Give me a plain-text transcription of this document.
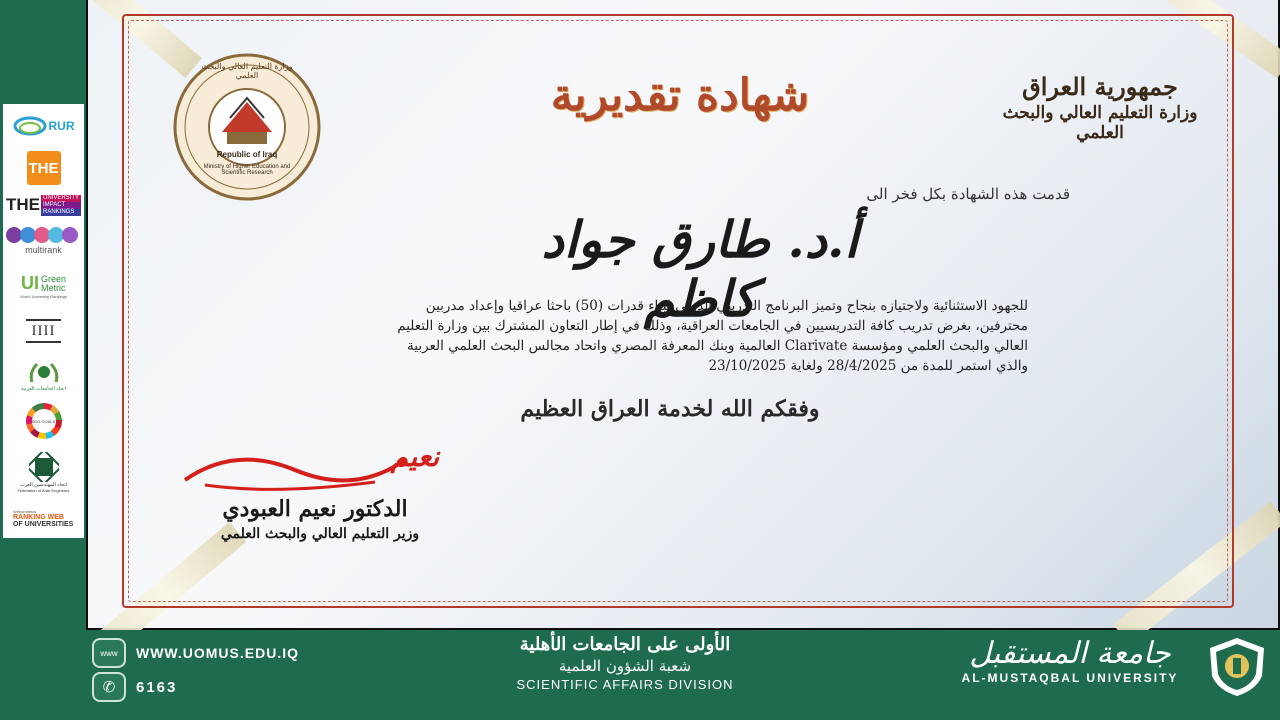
RUR
THE
THE UNIVERSITY
IMPACT
RANKINGS
multirank
UI Green
Metric
World University Rankings
IIII
اتحاد الجامعات العربية
SDG GOALS
اتحاد المهندسين العرب
Federation of Arab Engineers
Webometrics
RANKING WEB
OF UNIVERSITIES
جمهورية العراق
وزارة التعليم العالي والبحث العلمي
شهادة تقديرية
وزارة التعليم العالي والبحث العلمي
Republic of Iraq
Ministry of Higher Education and Scientific Research
قدمت هذه الشهادة بكل فخر الى
أ.د. طارق جواد كاظم
للجهود الاستثنائية ولاجتيازه بنجاح وتميز البرنامج التدريبي الدولي لبناء قدرات (50) باحثا عراقيا وإعداد مدربين
محترفين، بغرض تدريب كافة التدريسيين في الجامعات العراقية، وذلك في إطار التعاون المشترك بين وزارة التعليم
العالي والبحث العلمي ومؤسسة Clarivate العالمية وبنك المعرفة المصري واتحاد مجالس البحث العلمي العربية
والذي استمر للمدة من 28/4/2025 ولغاية 23/10/2025
وفقكم الله لخدمة العراق العظيم
نعيم
الدكتور نعيم العبودي
وزير التعليم العالي والبحث العلمي
www WWW.UOMUS.EDU.IQ
✆	6163
الأولى على الجامعات الأهلية
شعبة الشؤون العلمية
SCIENTIFIC AFFAIRS DIVISION
جامعة المستقبل
AL-MUSTAQBAL UNIVERSITY
